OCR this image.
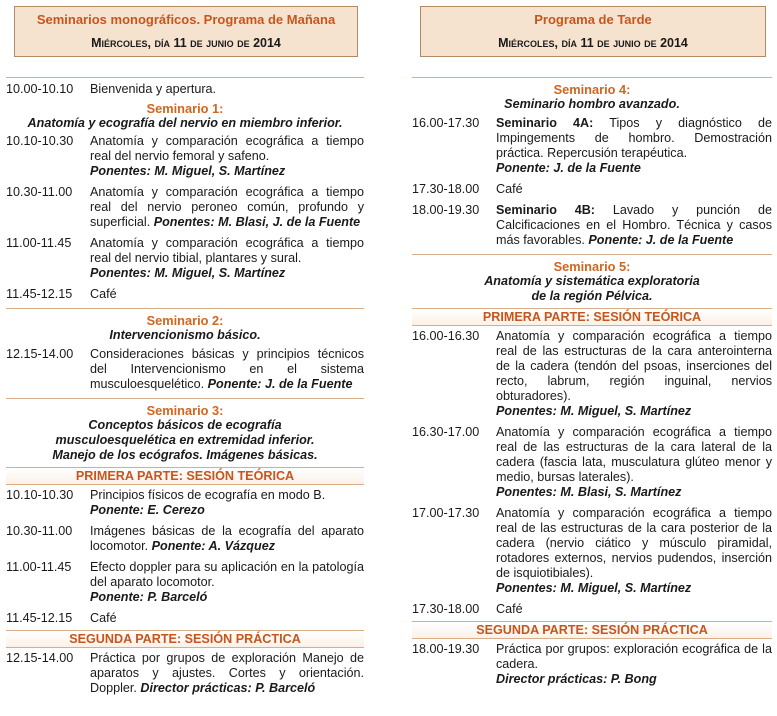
Seminarios monográficos. Programa de Mañana
Miércoles, día 11 de junio de 2014
10.00-10.10	Bienvenida y apertura.
Seminario 1:
Anatomía y ecografía del nervio en miembro inferior.
10.10-10.30	Anatomía y comparación ecográfica a tiempo real del nervio femoral y safeno.
Ponentes: M. Miguel, S. Martínez
10.30-11.00	Anatomía y comparación ecográfica a tiempo real del nervio peroneo común, profundo y superficial. Ponentes: M. Blasi, J. de la Fuente
11.00-11.45	Anatomía y comparación ecográfica a tiempo real del nervio tibial, plantares y sural.
Ponentes: M. Miguel, S. Martínez
11.45-12.15	Café
Seminario 2:
Intervencionismo básico.
12.15-14.00	Consideraciones básicas y principios técnicos del Intervencionismo en el sistema musculoesquelético. Ponente: J. de la Fuente
Seminario 3:
Conceptos básicos de ecografía
musculoesquelética en extremidad inferior.
Manejo de los ecógrafos. Imágenes básicas.
PRIMERA PARTE: SESIÓN TEÓRICA
10.10-10.30	Principios físicos de ecografía en modo B.
Ponente: E. Cerezo
10.30-11.00	Imágenes básicas de la ecografía del aparato locomotor. Ponente: A. Vázquez
11.00-11.45	Efecto doppler para su aplicación en la patología del aparato locomotor.
Ponente: P. Barceló
11.45-12.15	Café
SEGUNDA PARTE: SESIÓN PRÁCTICA
12.15-14.00	Práctica por grupos de exploración Manejo de aparatos y ajustes. Cortes y orientación. Doppler. Director prácticas: P. Barceló
Programa de Tarde
Miércoles, día 11 de junio de 2014
Seminario 4:
Seminario hombro avanzado.
16.00-17.30	Seminario 4A: Tipos y diagnóstico de Impingements de hombro. Demostración práctica. Repercusión terapéutica.
Ponente: J. de la Fuente
17.30-18.00	Café
18.00-19.30	Seminario 4B: Lavado y punción de Calcificaciones en el Hombro. Técnica y casos más favorables. Ponente: J. de la Fuente
Seminario 5:
Anatomía y sistemática exploratoria
de la región Pélvica.
PRIMERA PARTE: SESIÓN TEÓRICA
16.00-16.30	Anatomía y comparación ecográfica a tiempo real de las estructuras de la cara anterointerna de la cadera (tendón del psoas, inserciones del recto, labrum, región inguinal, nervios obturadores).
Ponentes: M. Miguel, S. Martínez
16.30-17.00	Anatomía y comparación ecográfica a tiempo real de las estructuras de la cara lateral de la cadera (fascia lata, musculatura glúteo menor y medio, bursas laterales).
Ponentes: M. Blasi, S. Martínez
17.00-17.30	Anatomía y comparación ecográfica a tiempo real de las estructuras de la cara posterior de la cadera (nervio ciático y músculo piramidal, rotadores externos, nervios pudendos, inserción de isquiotibiales).
Ponentes: M. Miguel, S. Martínez
17.30-18.00	Café
SEGUNDA PARTE: SESIÓN PRÁCTICA
18.00-19.30	Práctica por grupos: exploración ecográfica de la cadera.
Director prácticas: P. Bong
